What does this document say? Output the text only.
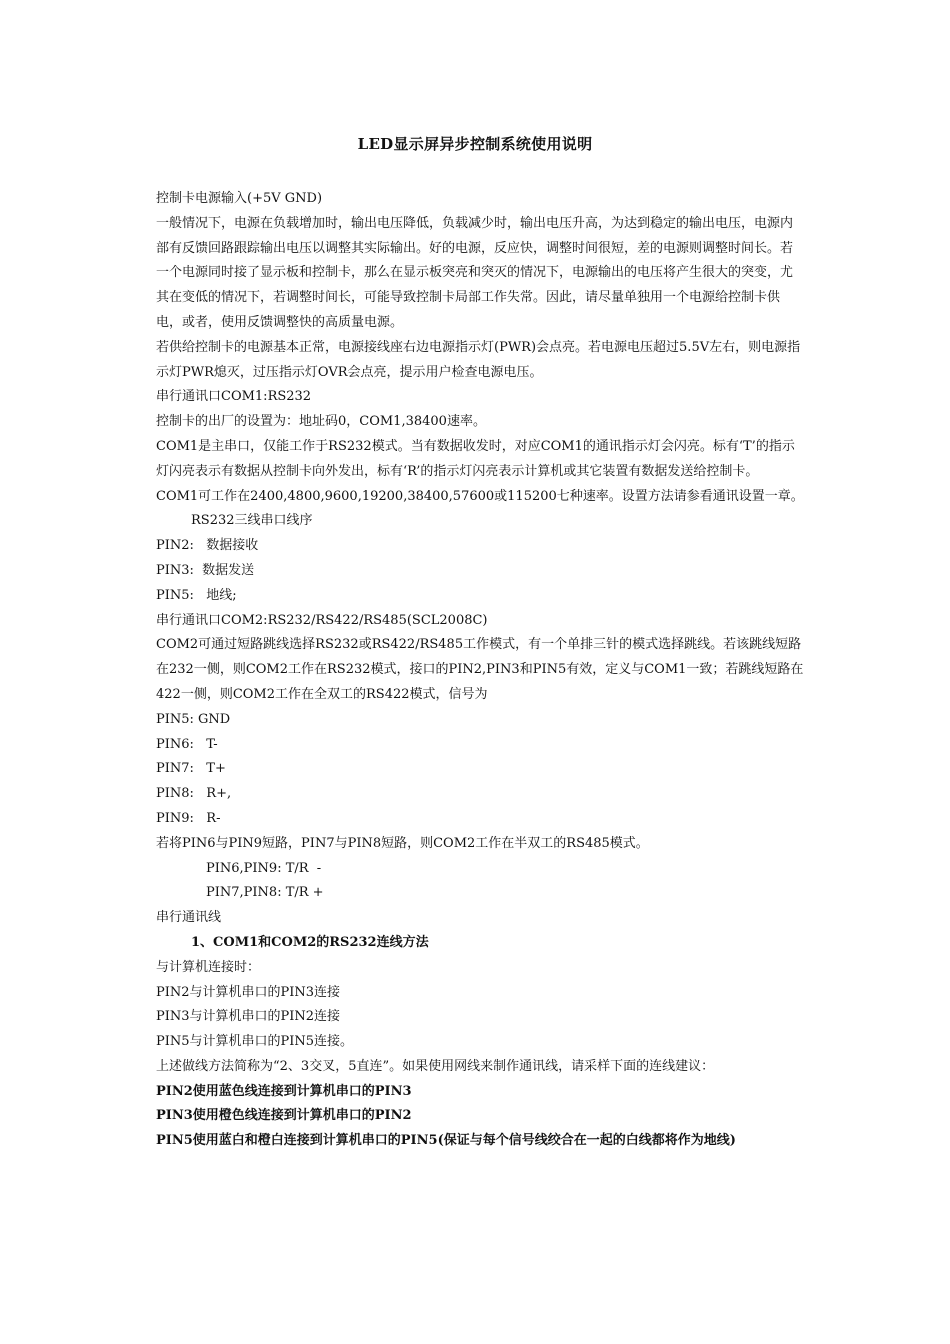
LED显示屏异步控制系统使用说明

控制卡电源输入(+5V GND)

一般情况下，电源在负载增加时，输出电压降低，负载减少时，输出电压升高，为达到稳定的输出电压，电源内部有反馈回路跟踪输出电压以调整其实际输出。好的电源，反应快，调整时间很短，差的电源则调整时间长。若一个电源同时接了显示板和控制卡，那么在显示板突亮和突灭的情况下，电源输出的电压将产生很大的突变，尤其在变低的情况下，若调整时间长，可能导致控制卡局部工作失常。因此，请尽量单独用一个电源给控制卡供电，或者，使用反馈调整快的高质量电源。

若供给控制卡的电源基本正常，电源接线座右边电源指示灯(PWR)会点亮。若电源电压超过5.5V左右，则电源指示灯PWR熄灭，过压指示灯OVR会点亮，提示用户检查电源电压。

串行通讯口COM1:RS232

控制卡的出厂的设置为：地址码0，COM1,38400速率。

COM1是主串口，仅能工作于RS232模式。当有数据收发时，对应COM1的通讯指示灯会闪亮。标有‘T’的指示灯闪亮表示有数据从控制卡向外发出，标有‘R’的指示灯闪亮表示计算机或其它装置有数据发送给控制卡。

COM1可工作在2400,4800,9600,19200,38400,57600或115200七种速率。设置方法请参看通讯设置一章。

RS232三线串口线序

PIN2:   数据接收

PIN3:  数据发送

PIN5:   地线;

串行通讯口COM2:RS232/RS422/RS485(SCL2008C)

COM2可通过短路跳线选择RS232或RS422/RS485工作模式，有一个单排三针的模式选择跳线。若该跳线短路在232一侧，则COM2工作在RS232模式，接口的PIN2,PIN3和PIN5有效，定义与COM1一致；若跳线短路在422一侧，则COM2工作在全双工的RS422模式，信号为

PIN5: GND

PIN6:   T-

PIN7:   T+

PIN8:   R+,

PIN9:   R-

若将PIN6与PIN9短路，PIN7与PIN8短路，则COM2工作在半双工的RS485模式。

PIN6,PIN9: T/R  -

PIN7,PIN8: T/R +

串行通讯线

1、COM1和COM2的RS232连线方法

与计算机连接时：

PIN2与计算机串口的PIN3连接

PIN3与计算机串口的PIN2连接

PIN5与计算机串口的PIN5连接。

上述做线方法简称为“2、3交叉，5直连”。如果使用网线来制作通讯线，请采样下面的连线建议：

PIN2使用蓝色线连接到计算机串口的PIN3

PIN3使用橙色线连接到计算机串口的PIN2

PIN5使用蓝白和橙白连接到计算机串口的PIN5(保证与每个信号线绞合在一起的白线都将作为地线)
